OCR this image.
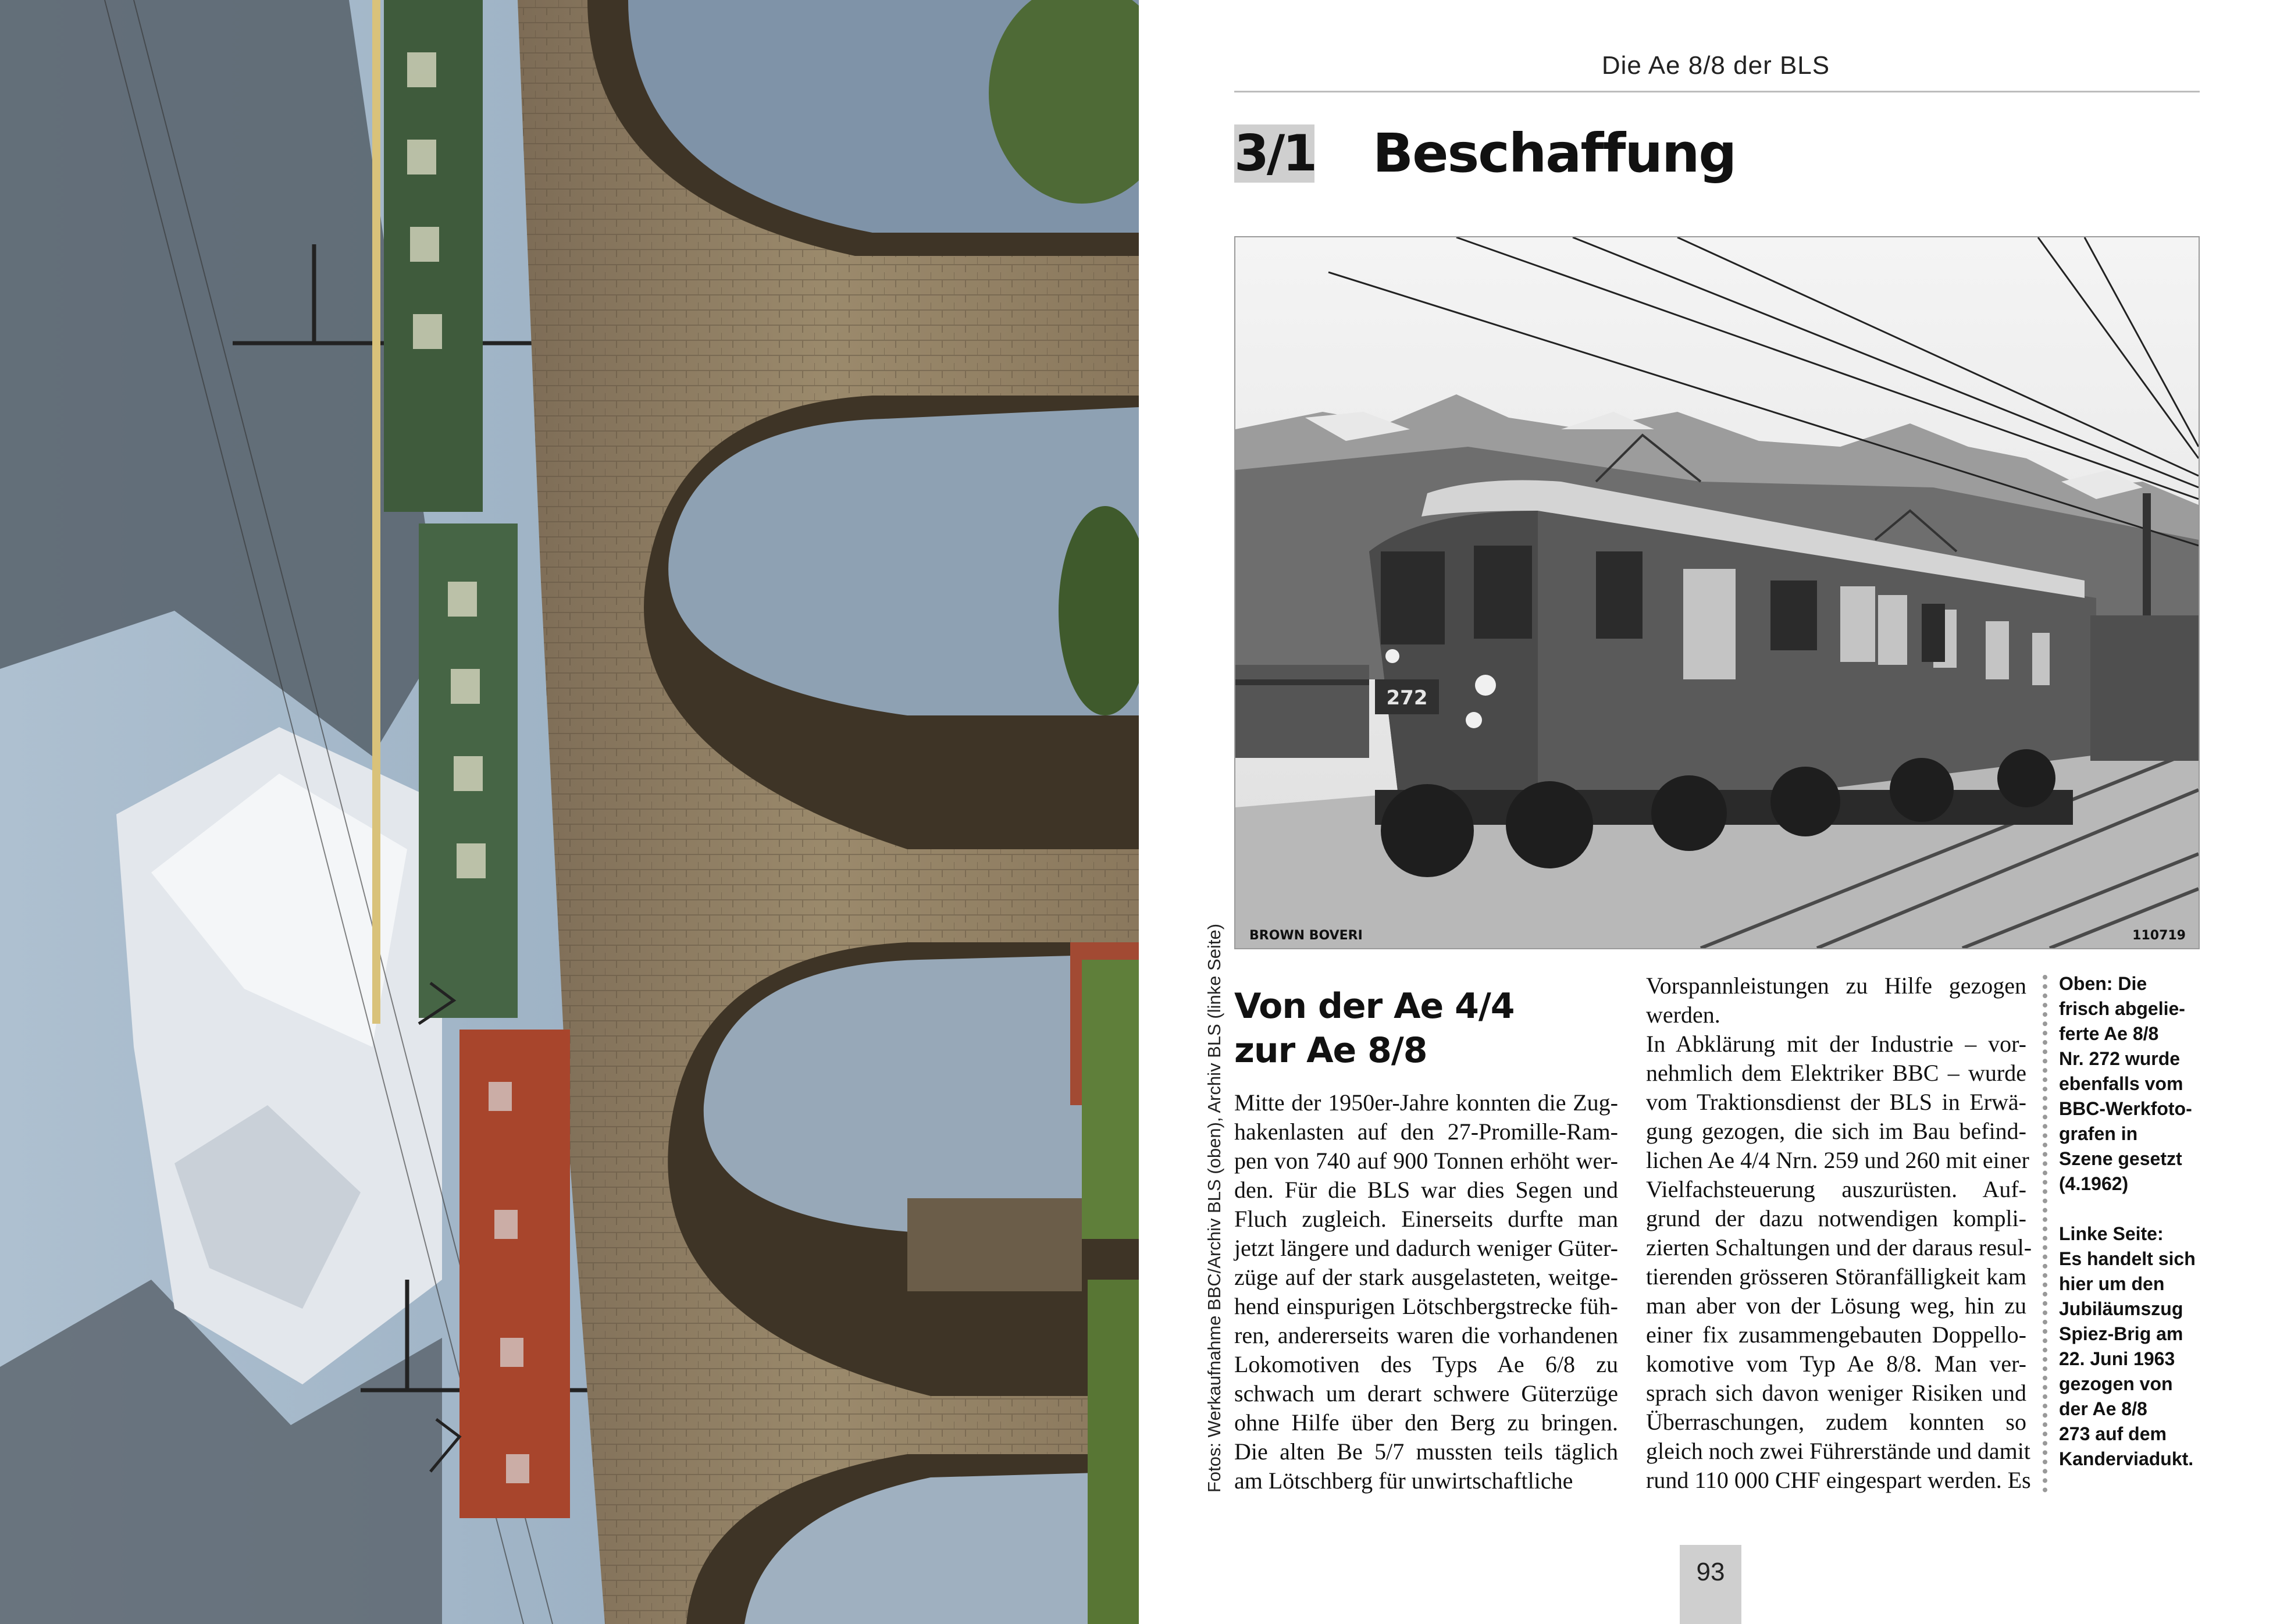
Die Ae 8/8 der BLS
3/1 Beschaffung
272
BROWN BOVERI	110719
Fotos: Werkaufnahme BBC/Archiv BLS (oben), Archiv BLS (linke Seite) Von der Ae 4/4
zur Ae 8/8
Mitte der 1950er-Jahre konnten die Zug-
hakenlasten auf den 27-Promille-Ram-
pen von 740 auf 900 Tonnen erhöht wer-
den. Für die BLS war dies Segen und
Fluch zugleich. Einerseits durfte man
jetzt längere und dadurch weniger Güter-
züge auf der stark ausgelasteten, weitge-
hend einspurigen Lötschbergstrecke füh-
ren, andererseits waren die vorhandenen
Lokomotiven des Typs Ae 6/8 zu
schwach um derart schwere Güterzüge
ohne Hilfe über den Berg zu bringen.
Die alten Be 5/7 mussten teils täglich
am Lötschberg für unwirtschaftliche
Vorspannleistungen zu Hilfe gezogen
werden.
In Abklärung mit der Industrie – vor-
nehmlich dem Elektriker BBC – wurde
vom Traktionsdienst der BLS in Erwä-
gung gezogen, die sich im Bau befind-
lichen Ae 4/4 Nrn. 259 und 260 mit einer
Vielfachsteuerung auszurüsten. Auf-
grund der dazu notwendigen kompli-
zierten Schaltungen und der daraus resul-
tierenden grösseren Störanfälligkeit kam
man aber von der Lösung weg, hin zu
einer fix zusammengebauten Doppello-
komotive vom Typ Ae 8/8. Man ver-
sprach sich davon weniger Risiken und
Überraschungen, zudem konnten so
gleich noch zwei Führerstände und damit
rund 110 000 CHF eingespart werden. Es
Oben: Die
frisch abgelie-
ferte Ae 8/8
Nr. 272 wurde
ebenfalls vom
BBC-Werkfoto-
grafen in
Szene gesetzt
(4.1962)
Linke Seite:
Es handelt sich
hier um den
Jubiläumszug
Spiez-Brig am
22. Juni 1963
gezogen von
der Ae 8/8
273 auf dem
Kanderviadukt.
93
